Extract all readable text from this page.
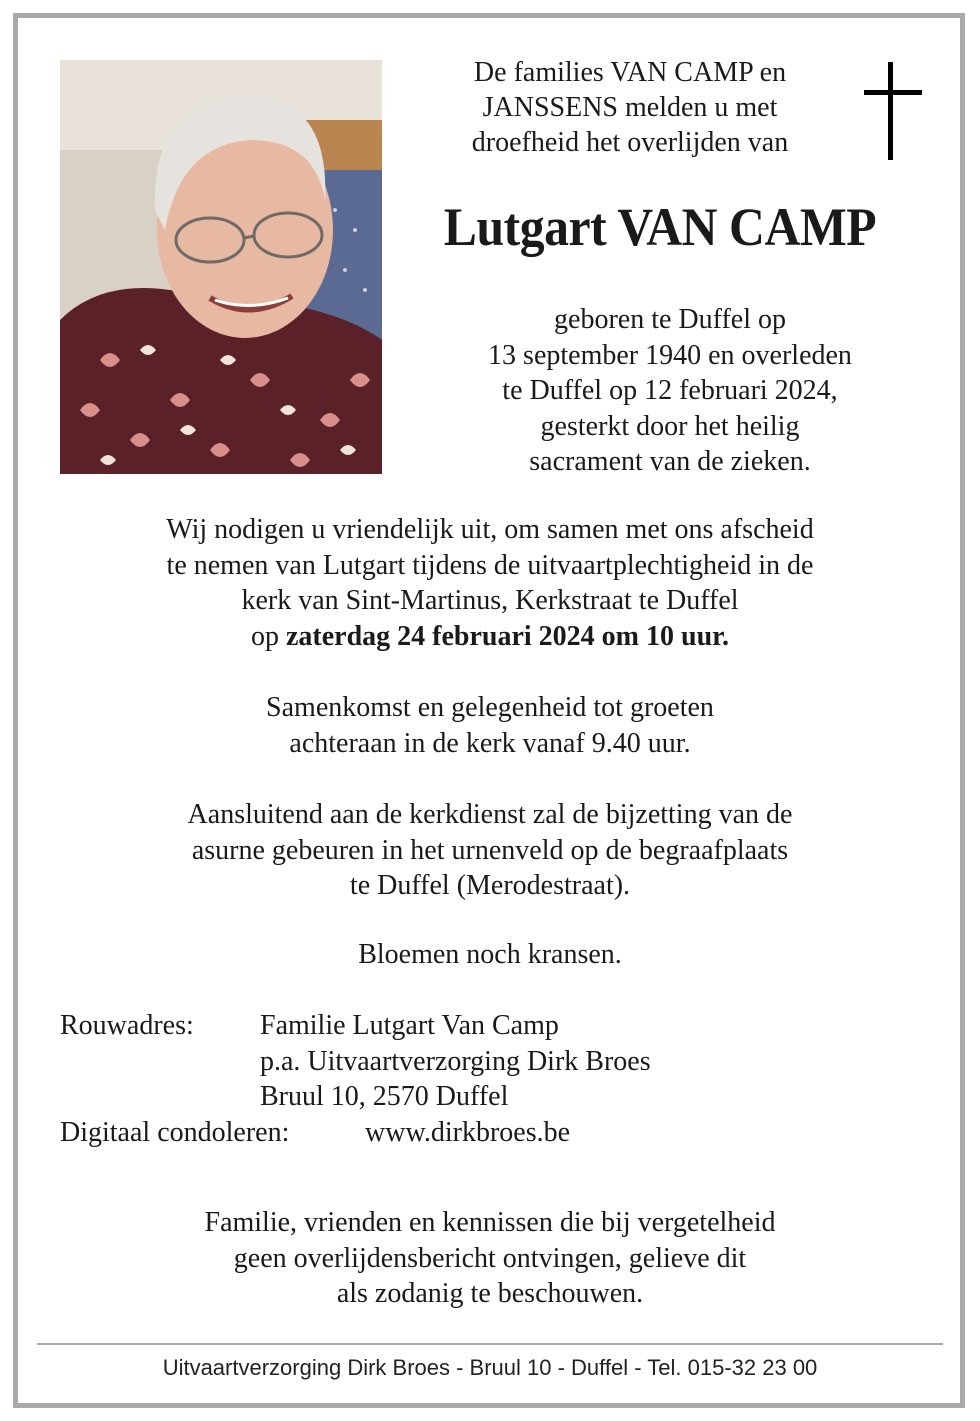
De families VAN CAMP en
JANSSENS melden u met
droefheid het overlijden van
Lutgart VAN CAMP
geboren te Duffel op
13 september 1940 en overleden
te Duffel op 12 februari 2024,
gesterkt door het heilig
sacrament van de zieken.
Wij nodigen u vriendelijk uit, om samen met ons afscheid
te nemen van Lutgart tijdens de uitvaartplechtigheid in de
kerk van Sint-Martinus, Kerkstraat te Duffel
op zaterdag 24 februari 2024 om 10 uur.
Samenkomst en gelegenheid tot groeten
achteraan in de kerk vanaf 9.40 uur.
Aansluitend aan de kerkdienst zal de bijzetting van de
asurne gebeuren in het urnenveld op de begraafplaats
te Duffel (Merodestraat).
Bloemen noch kransen.
Rouwadres: Familie Lutgart Van Camp
p.a. Uitvaartverzorging Dirk Broes
Bruul 10, 2570 Duffel
Digitaal condoleren:	www.dirkbroes.be
Familie, vrienden en kennissen die bij vergetelheid
geen overlijdensbericht ontvingen, gelieve dit
als zodanig te beschouwen.
Uitvaartverzorging Dirk Broes - Bruul 10 - Duffel - Tel. 015-32 23 00
